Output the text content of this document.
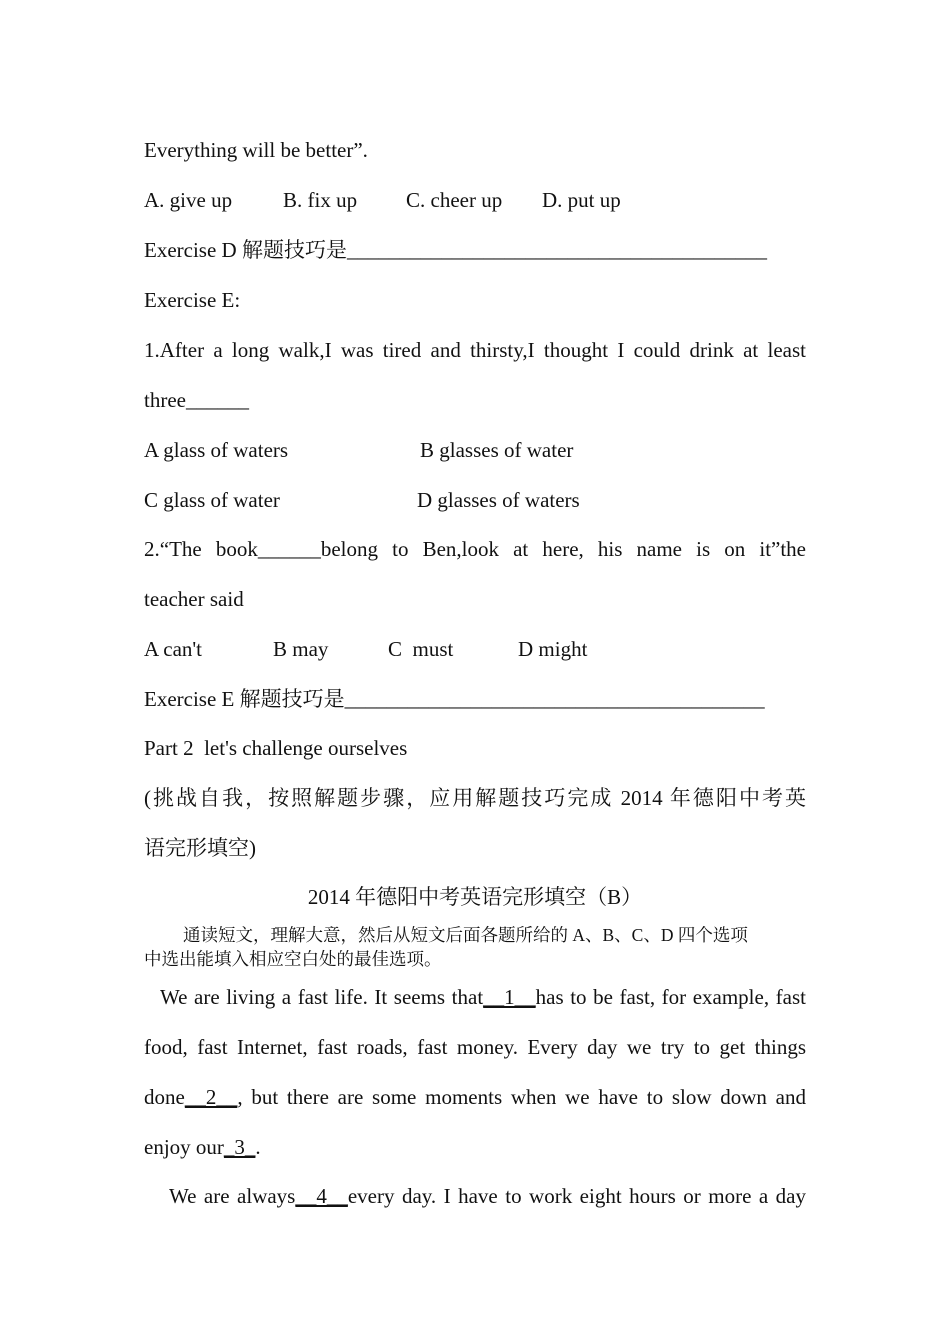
Everything will be better”.
A. give up B. fix up C. cheer up D. put up
Exercise D 解题技巧是________________________________________
Exercise E:
1.After a long walk,I was tired and thirsty,I thought I could drink at least
three______
A glass of waters	B glasses of water
C glass of water	D glasses of waters
2.“The book______belong to Ben,look at here, his name is on it”the
teacher said
A can't	B may	C  must	D might
Exercise E 解题技巧是________________________________________
Part 2  let's challenge ourselves
(挑战自我，按照解题步骤，应用解题技巧完成 2014 年德阳中考英
语完形填空)
2014 年德阳中考英语完形填空（B）
通读短文，理解大意，然后从短文后面各题所给的 A、B、C、D 四个选项
中选出能填入相应空白处的最佳选项。
We are living a fast life. It seems that__1__has to be fast, for example, fast
food, fast Internet, fast roads, fast money. Every day we try to get things
done__2__, but there are some moments when we have to slow down and
enjoy our_3_.
We are always__4__every day. I have to work eight hours or more a day
